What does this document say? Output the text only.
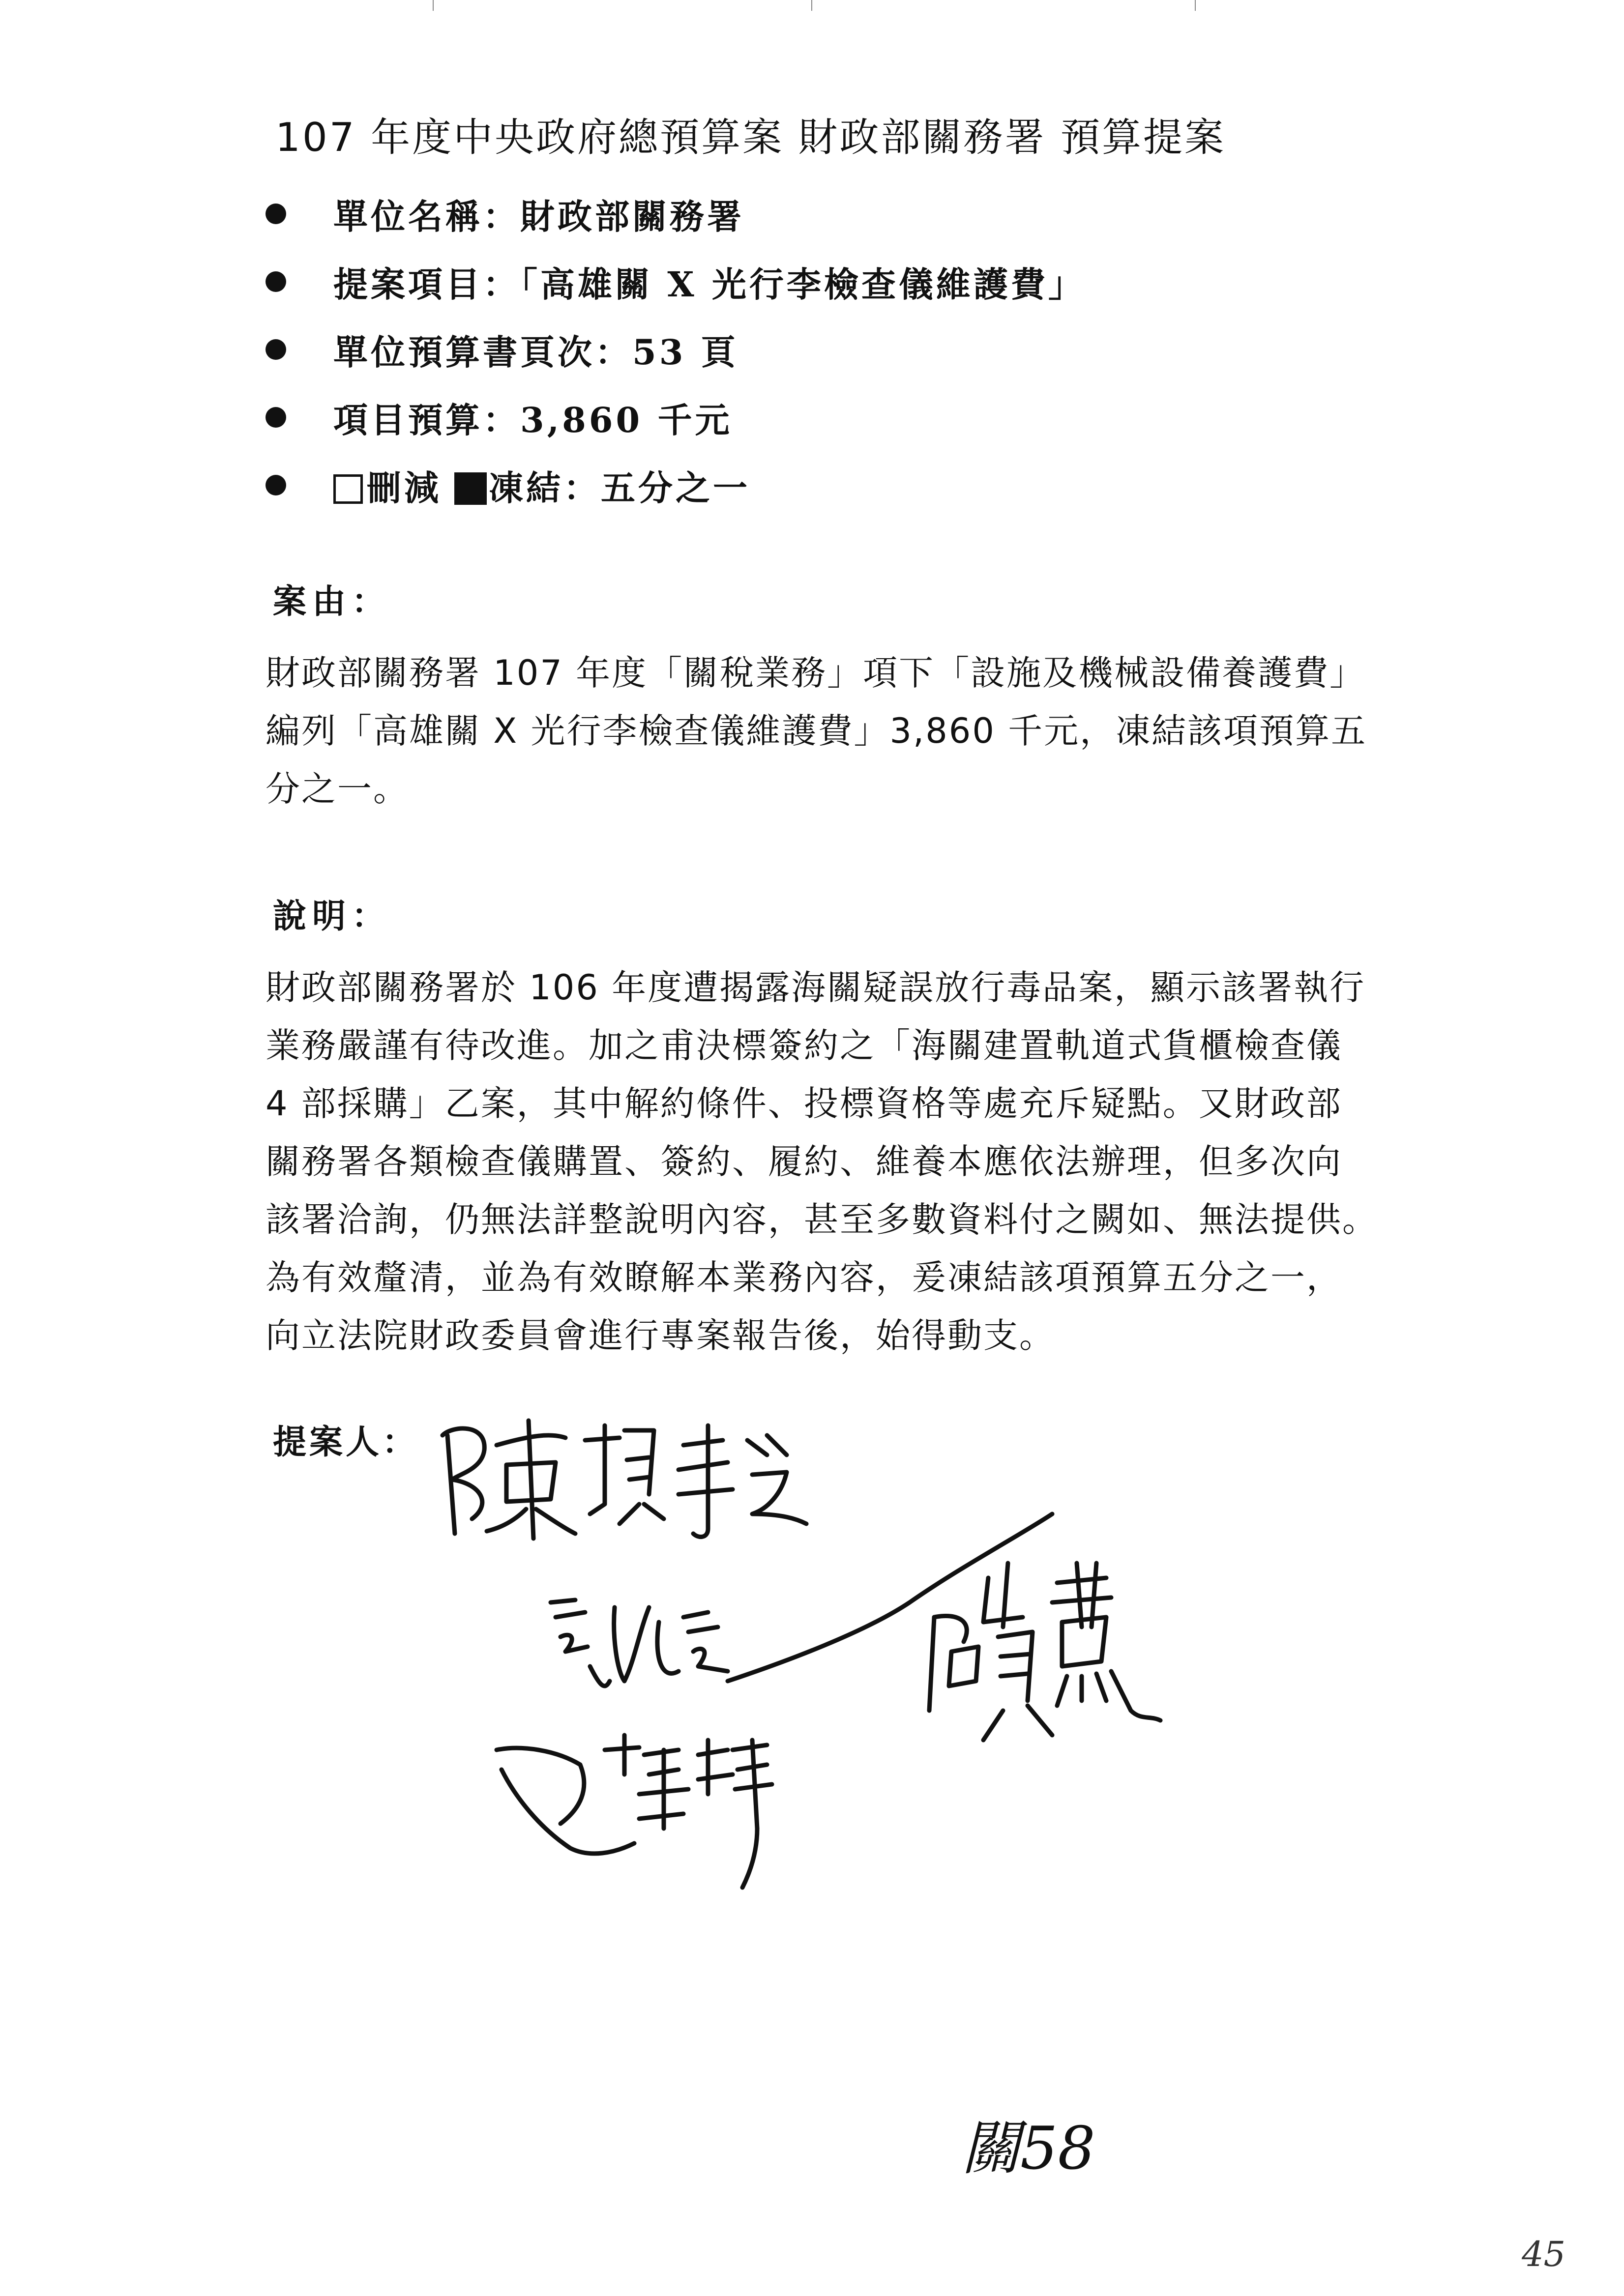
107 年度中央政府總預算案 財政部關務署 預算提案
單位名稱：財政部關務署
提案項目：「高雄關 X 光行李檢查儀維護費」
單位預算書頁次：53 頁
項目預算：3,860 千元
刪減 凍結：五分之一
案由：
財政部關務署 107 年度「關稅業務」項下「設施及機械設備養護費」
編列「高雄關 X 光行李檢查儀維護費」3,860 千元，凍結該項預算五
分之一。
說明：
財政部關務署於 106 年度遭揭露海關疑誤放行毒品案，顯示該署執行
業務嚴謹有待改進。加之甫決標簽約之「海關建置軌道式貨櫃檢查儀
4 部採購」乙案，其中解約條件、投標資格等處充斥疑點。又財政部
關務署各類檢查儀購置、簽約、履約、維養本應依法辦理，但多次向
該署洽詢，仍無法詳整說明內容，甚至多數資料付之闕如、無法提供。
為有效釐清，並為有效瞭解本業務內容，爰凍結該項預算五分之一，
向立法院財政委員會進行專案報告後，始得動支。
提案人：
關58
45
